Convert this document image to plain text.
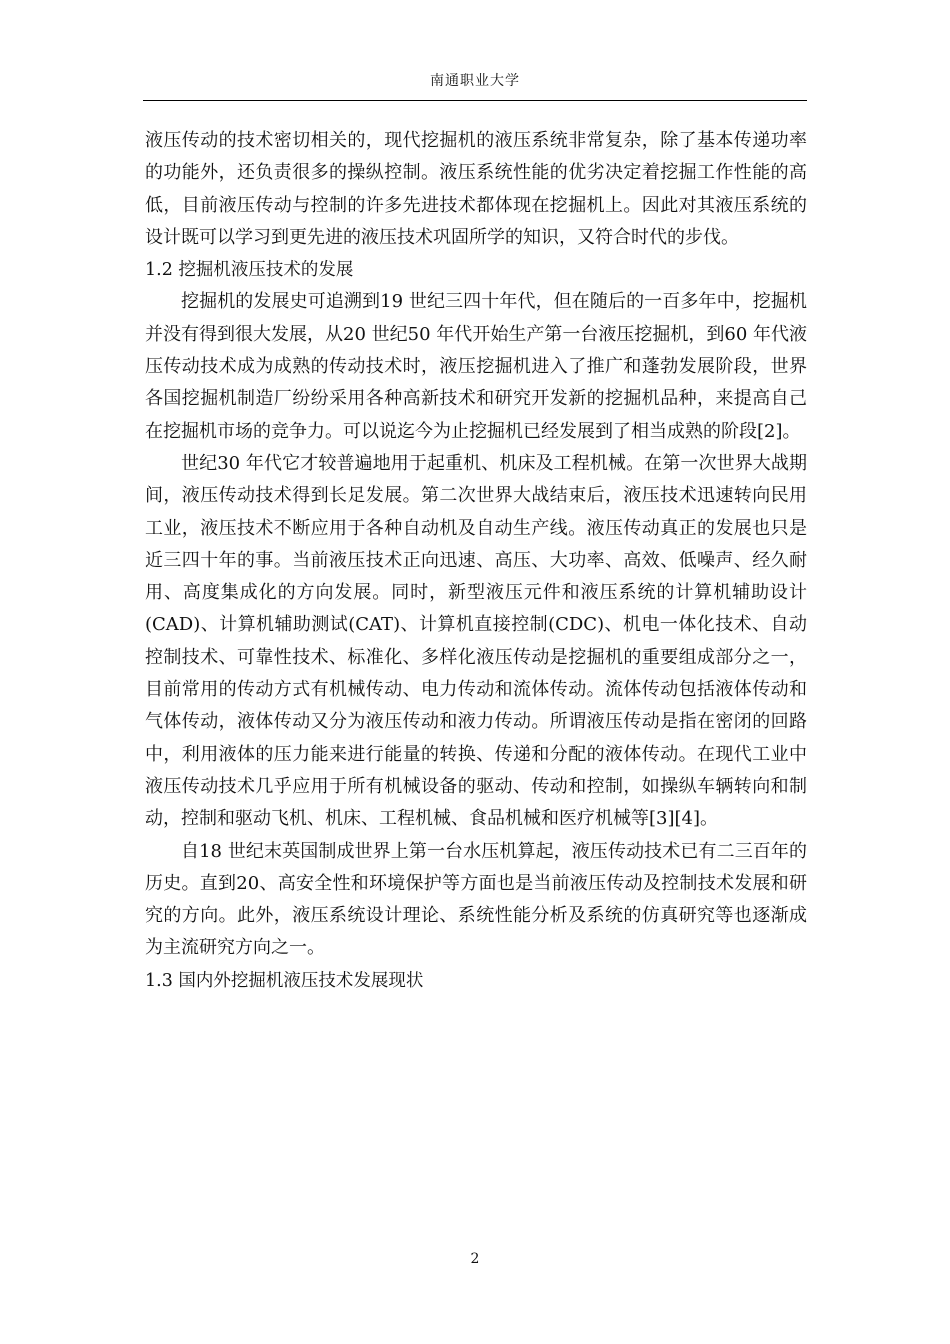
南通职业大学

液压传动的技术密切相关的，现代挖掘机的液压系统非常复杂，除了基本传递功率的功能外，还负责很多的操纵控制。液压系统性能的优劣决定着挖掘工作性能的高低，目前液压传动与控制的许多先进技术都体现在挖掘机上。因此对其液压系统的设计既可以学习到更先进的液压技术巩固所学的知识，又符合时代的步伐。

1.2 挖掘机液压技术的发展

挖掘机的发展史可追溯到19 世纪三四十年代，但在随后的一百多年中，挖掘机并没有得到很大发展，从20 世纪50 年代开始生产第一台液压挖掘机，到60 年代液压传动技术成为成熟的传动技术时，液压挖掘机进入了推广和蓬勃发展阶段，世界各国挖掘机制造厂纷纷采用各种高新技术和研究开发新的挖掘机品种，来提高自己在挖掘机市场的竞争力。可以说迄今为止挖掘机已经发展到了相当成熟的阶段[2]。

世纪30 年代它才较普遍地用于起重机、机床及工程机械。在第一次世界大战期间，液压传动技术得到长足发展。第二次世界大战结束后，液压技术迅速转向民用工业，液压技术不断应用于各种自动机及自动生产线。液压传动真正的发展也只是近三四十年的事。当前液压技术正向迅速、高压、大功率、高效、低噪声、经久耐用、高度集成化的方向发展。同时，新型液压元件和液压系统的计算机辅助设计(CAD)、计算机辅助测试(CAT)、计算机直接控制(CDC)、机电一体化技术、自动控制技术、可靠性技术、标准化、多样化液压传动是挖掘机的重要组成部分之一，目前常用的传动方式有机械传动、电力传动和流体传动。流体传动包括液体传动和气体传动，液体传动又分为液压传动和液力传动。所谓液压传动是指在密闭的回路中，利用液体的压力能来进行能量的转换、传递和分配的液体传动。在现代工业中液压传动技术几乎应用于所有机械设备的驱动、传动和控制，如操纵车辆转向和制动，控制和驱动飞机、机床、工程机械、食品机械和医疗机械等[3][4]。

自18 世纪末英国制成世界上第一台水压机算起，液压传动技术已有二三百年的历史。直到20、高安全性和环境保护等方面也是当前液压传动及控制技术发展和研究的方向。此外，液压系统设计理论、系统性能分析及系统的仿真研究等也逐渐成为主流研究方向之一。

1.3 国内外挖掘机液压技术发展现状

2
